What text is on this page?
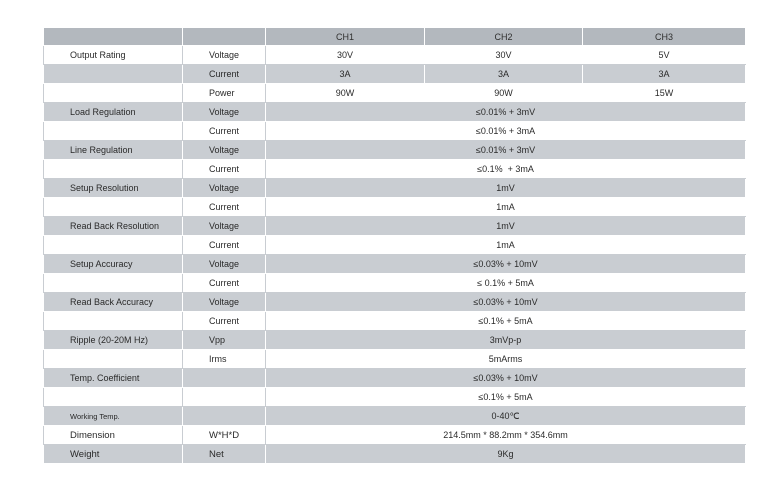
		CH1	CH2	CH3
Output Rating	Voltage	30V	30V	5V
	Current	3A	3A	3A
	Power	90W	90W	15W
Load Regulation	Voltage	≤0.01% + 3mV		
	Current	≤0.01% + 3mA		
Line Regulation	Voltage	≤0.01% + 3mV		
	Current	≤0.1%  + 3mA		
Setup Resolution	Voltage	1mV		
	Current	1mA		
Read Back Resolution	Voltage	1mV		
	Current	1mA		
Setup Accuracy	Voltage	≤0.03% + 10mV		
	Current	≤ 0.1% + 5mA		
Read Back Accuracy	Voltage	≤0.03% + 10mV		
	Current	≤0.1% + 5mA		
Ripple (20-20M Hz)	Vpp	3mVp-p		
	Irms	5mArms		
Temp. Coefficient		≤0.03% + 10mV		
		≤0.1% + 5mA		
Working Temp.		0-40℃		
Dimension	W*H*D	214.5mm * 88.2mm * 354.6mm		
Weight	Net	9Kg		
